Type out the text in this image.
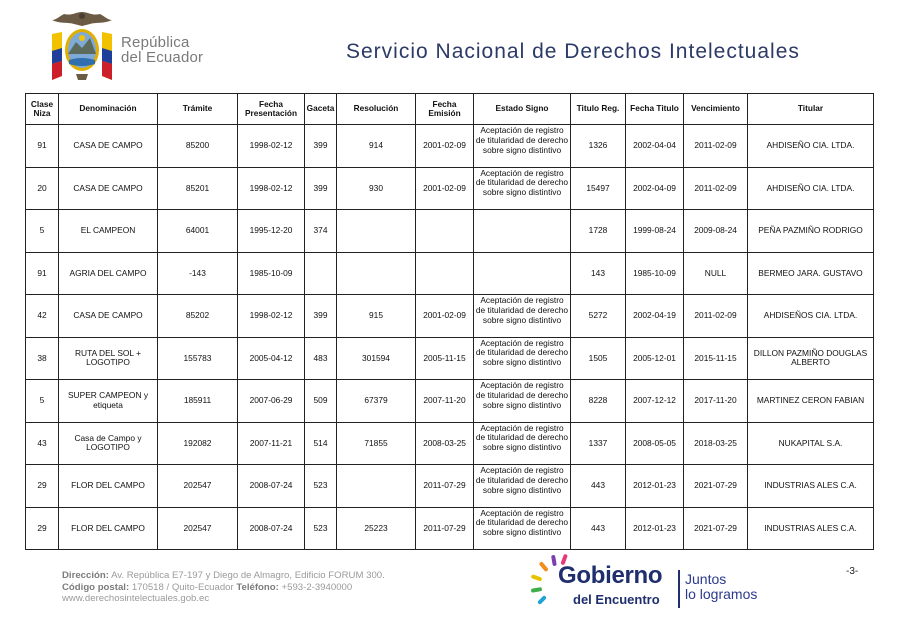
República
del Ecuador	Servicio Nacional de Derechos Intelectuales
Clase Niza	Denominación	Trámite	Fecha Presentación	Gaceta	Resolución	Fecha Emisión	Estado Signo	Titulo Reg.	Fecha Titulo	Vencimiento	Titular
91	CASA DE CAMPO	85200	1998-02-12	399	914	2001-02-09	Aceptación de registro de titularidad de derecho sobre signo distintivo	1326	2002-04-04	2011-02-09	AHDISEÑO CIA. LTDA.
20	CASA DE CAMPO	85201	1998-02-12	399	930	2001-02-09	Aceptación de registro de titularidad de derecho sobre signo distintivo	15497	2002-04-09	2011-02-09	AHDISEÑO CIA. LTDA.
5	EL CAMPEON	64001	1995-12-20	374				1728	1999-08-24	2009-08-24	PEÑA PAZMIÑO RODRIGO
91	AGRIA DEL CAMPO	-143	1985-10-09					143	1985-10-09	NULL	BERMEO JARA. GUSTAVO
42	CASA DE CAMPO	85202	1998-02-12	399	915	2001-02-09	Aceptación de registro de titularidad de derecho sobre signo distintivo	5272	2002-04-19	2011-02-09	AHDISEÑOS CIA. LTDA.
38	RUTA DEL SOL + LOGOTIPO	155783	2005-04-12	483	301594	2005-11-15	Aceptación de registro de titularidad de derecho sobre signo distintivo	1505	2005-12-01	2015-11-15	DILLON PAZMIÑO DOUGLAS ALBERTO
5	SUPER CAMPEON y etiqueta	185911	2007-06-29	509	67379	2007-11-20	Aceptación de registro de titularidad de derecho sobre signo distintivo	8228	2007-12-12	2017-11-20	MARTINEZ CERON FABIAN
43	Casa de Campo y LOGOTIPO	192082	2007-11-21	514	71855	2008-03-25	Aceptación de registro de titularidad de derecho sobre signo distintivo	1337	2008-05-05	2018-03-25	NUKAPITAL S.A.
29	FLOR DEL CAMPO	202547	2008-07-24	523		2011-07-29	Aceptación de registro de titularidad de derecho sobre signo distintivo	443	2012-01-23	2021-07-29	INDUSTRIAS ALES C.A.
29	FLOR DEL CAMPO	202547	2008-07-24	523	25223	2011-07-29	Aceptación de registro de titularidad de derecho sobre signo distintivo	443	2012-01-23	2021-07-29	INDUSTRIAS ALES C.A.
Dirección: Av. República E7-197 y Diego de Almagro, Edificio FORUM 300.
Código postal: 170518 / Quito-Ecuador Teléfono: +593-2-3940000
www.derechosintelectuales.gob.ec
Gobierno
del Encuentro
Juntos
lo logramos
-3-
